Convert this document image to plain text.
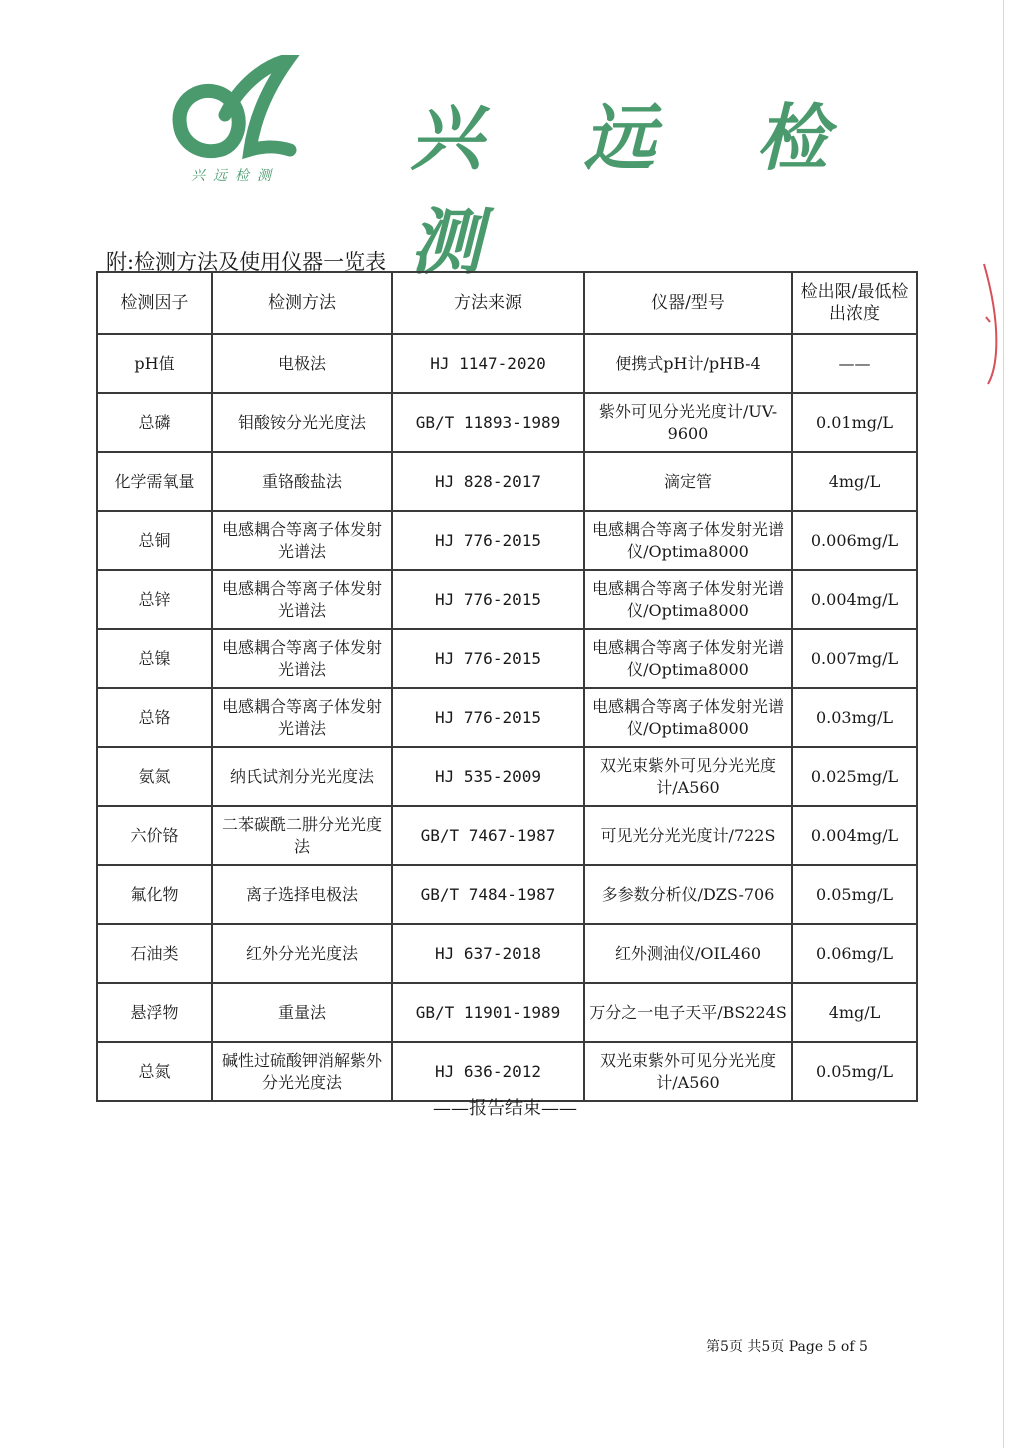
兴远检测 兴 远 检 测
附:检测方法及使用仪器一览表
检测因子	检测方法	方法来源	仪器/型号	检出限/最低检出浓度
pH值	电极法	HJ 1147-2020	便携式pH计/pHB-4	——
总磷	钼酸铵分光光度法	GB/T 11893-1989	紫外可见分光光度计/UV-9600	0.01mg/L
化学需氧量	重铬酸盐法	HJ 828-2017	滴定管	4mg/L
总铜	电感耦合等离子体发射光谱法	HJ 776-2015	电感耦合等离子体发射光谱仪/Optima8000	0.006mg/L
总锌	电感耦合等离子体发射光谱法	HJ 776-2015	电感耦合等离子体发射光谱仪/Optima8000	0.004mg/L
总镍	电感耦合等离子体发射光谱法	HJ 776-2015	电感耦合等离子体发射光谱仪/Optima8000	0.007mg/L
总铬	电感耦合等离子体发射光谱法	HJ 776-2015	电感耦合等离子体发射光谱仪/Optima8000	0.03mg/L
氨氮	纳氏试剂分光光度法	HJ 535-2009	双光束紫外可见分光光度计/A560	0.025mg/L
六价铬	二苯碳酰二肼分光光度法	GB/T 7467-1987	可见光分光光度计/722S	0.004mg/L
氟化物	离子选择电极法	GB/T 7484-1987	多参数分析仪/DZS-706	0.05mg/L
石油类	红外分光光度法	HJ 637-2018	红外测油仪/OIL460	0.06mg/L
悬浮物	重量法	GB/T 11901-1989	万分之一电子天平/BS224S	4mg/L
总氮	碱性过硫酸钾消解紫外分光光度法	HJ 636-2012	双光束紫外可见分光光度计/A560	0.05mg/L
——报告结束——
第5页 共5页 Page 5 of 5
